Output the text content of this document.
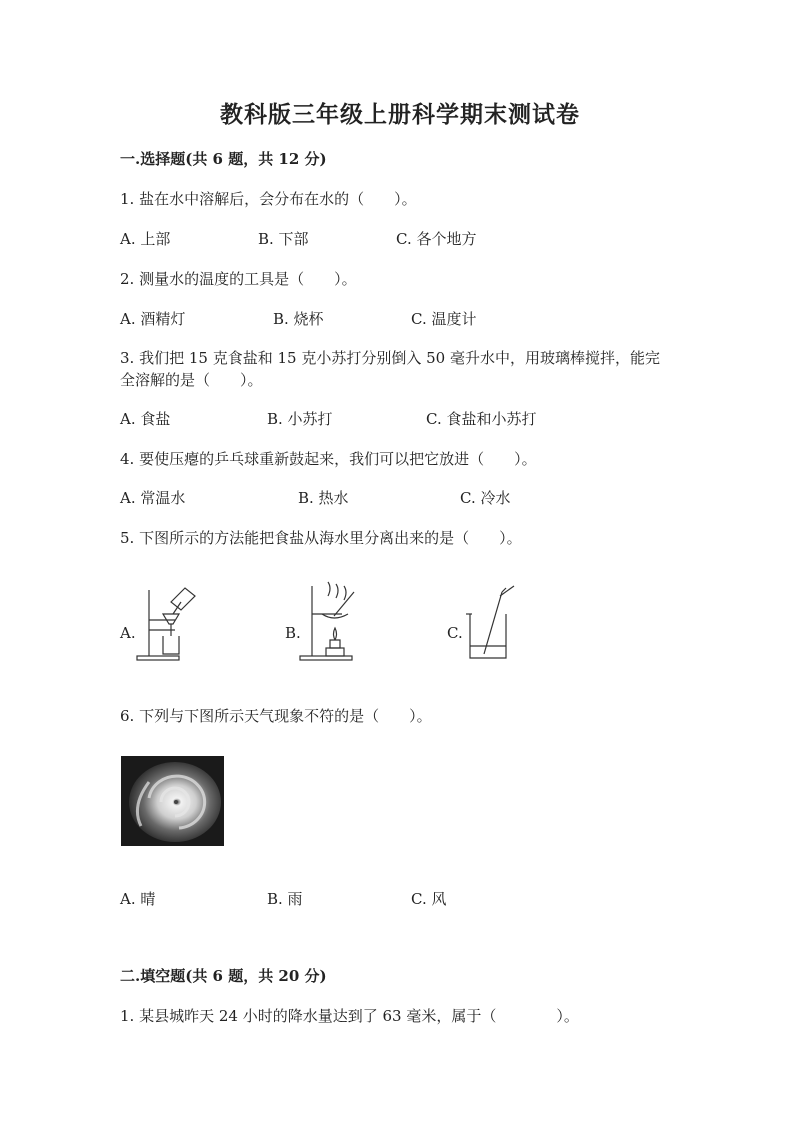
教科版三年级上册科学期末测试卷
一.选择题(共 6 题，共 12 分)
1. 盐在水中溶解后，会分布在水的（　　）。
A. 上部	B. 下部	C. 各个地方
2. 测量水的温度的工具是（　　）。
A. 酒精灯	B. 烧杯	C. 温度计
3. 我们把 15 克食盐和 15 克小苏打分别倒入 50 毫升水中，用玻璃棒搅拌，能完
全溶解的是（　　）。
A. 食盐	B. 小苏打	C. 食盐和小苏打
4. 要使压瘪的乒乓球重新鼓起来，我们可以把它放进（　　）。
A. 常温水	B. 热水	C. 冷水
5. 下图所示的方法能把食盐从海水里分离出来的是（　　）。
A.	B.	C.
6. 下列与下图所示天气现象不符的是（　　）。
A. 晴	B. 雨	C. 风
二.填空题(共 6 题，共 20 分)
1. 某县城昨天 24 小时的降水量达到了 63 毫米，属于（　　　　）。
